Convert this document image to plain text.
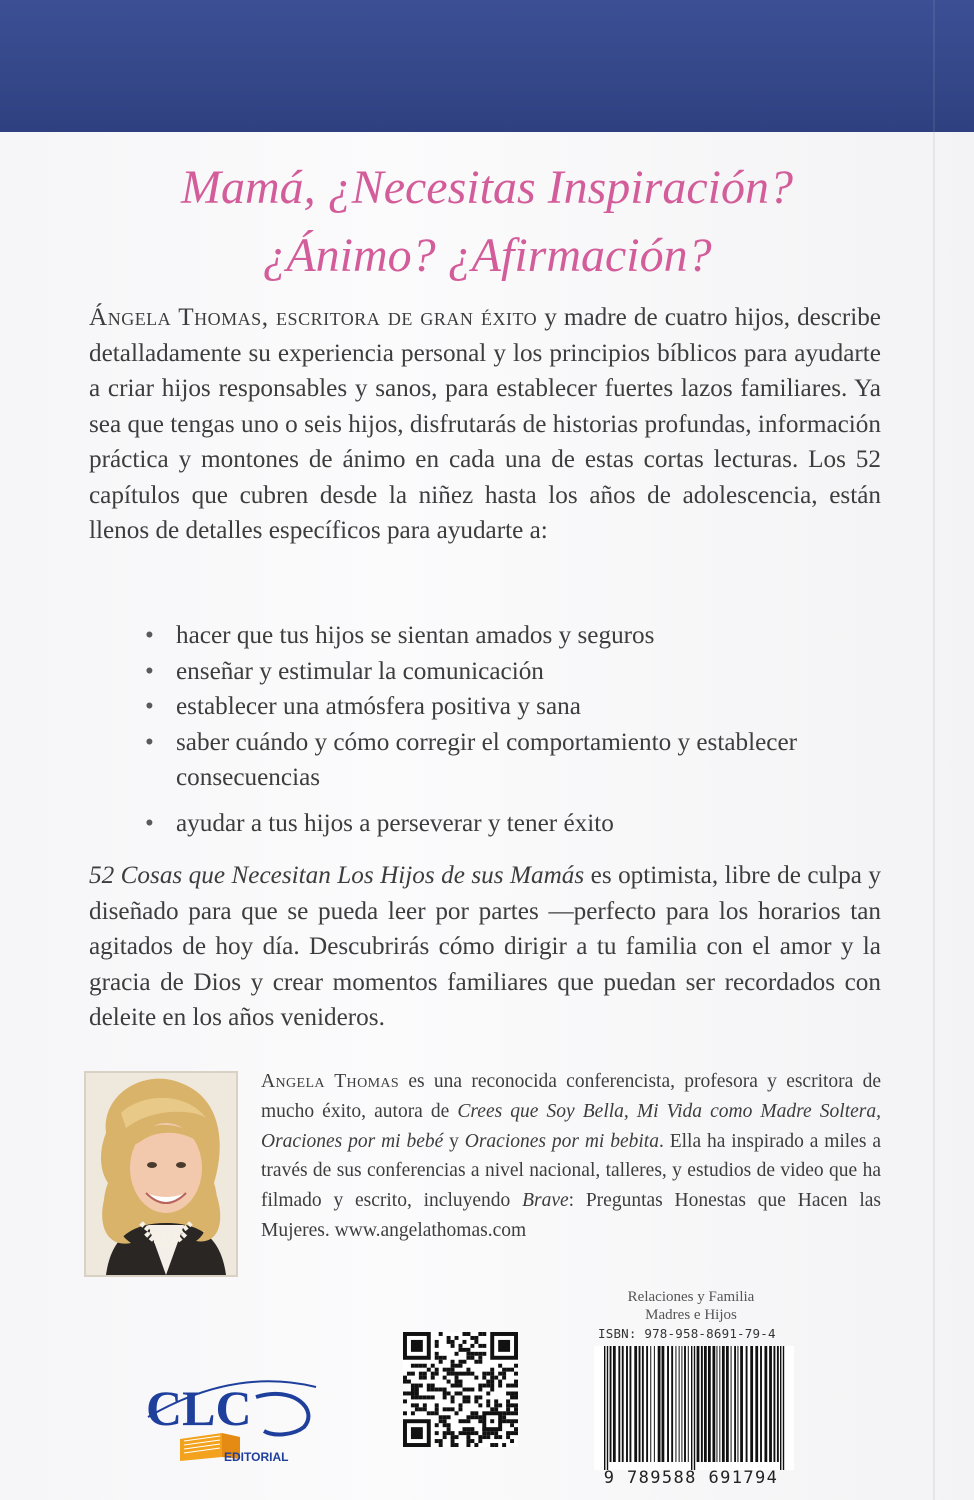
Mamá, ¿Necesitas Inspiración?
¿Ánimo? ¿Afirmación?

Ángela Thomas, escritora de gran éxito y madre de cuatro hijos, describe detalladamente su experiencia personal y los principios bíblicos para ayudarte a criar hijos responsables y sanos, para establecer fuertes lazos familiares. Ya sea que tengas uno o seis hijos, disfrutarás de historias profundas, información práctica y montones de ánimo en cada una de estas cortas lecturas. Los 52 capítulos que cubren desde la niñez hasta los años de adolescencia, están llenos de detalles específicos para ayudarte a:

• hacer que tus hijos se sientan amados y seguros
• enseñar y estimular la comunicación
• establecer una atmósfera positiva y sana
• saber cuándo y cómo corregir el comportamiento y establecer consecuencias
• ayudar a tus hijos a perseverar y tener éxito

52 Cosas que Necesitan Los Hijos de sus Mamás es optimista, libre de culpa y diseñado para que se pueda leer por partes —perfecto para los horarios tan agitados de hoy día. Descubrirás cómo dirigir a tu familia con el amor y la gracia de Dios y crear momentos familiares que puedan ser recordados con deleite en los años venideros.

Angela Thomas es una reconocida conferencista, profesora y escritora de mucho éxito, autora de Crees que Soy Bella, Mi Vida como Madre Soltera, Oraciones por mi bebé y Oraciones por mi bebita. Ella ha inspirado a miles a través de sus conferencias a nivel nacional, talleres, y estudios de video que ha filmado y escrito, incluyendo Brave: Preguntas Honestas que Hacen las Mujeres. www.angelathomas.com

CLC
EDITORIAL
Relaciones y Familia
Madres e Hijos
ISBN: 978-958-8691-79-4
9 789588 691794
